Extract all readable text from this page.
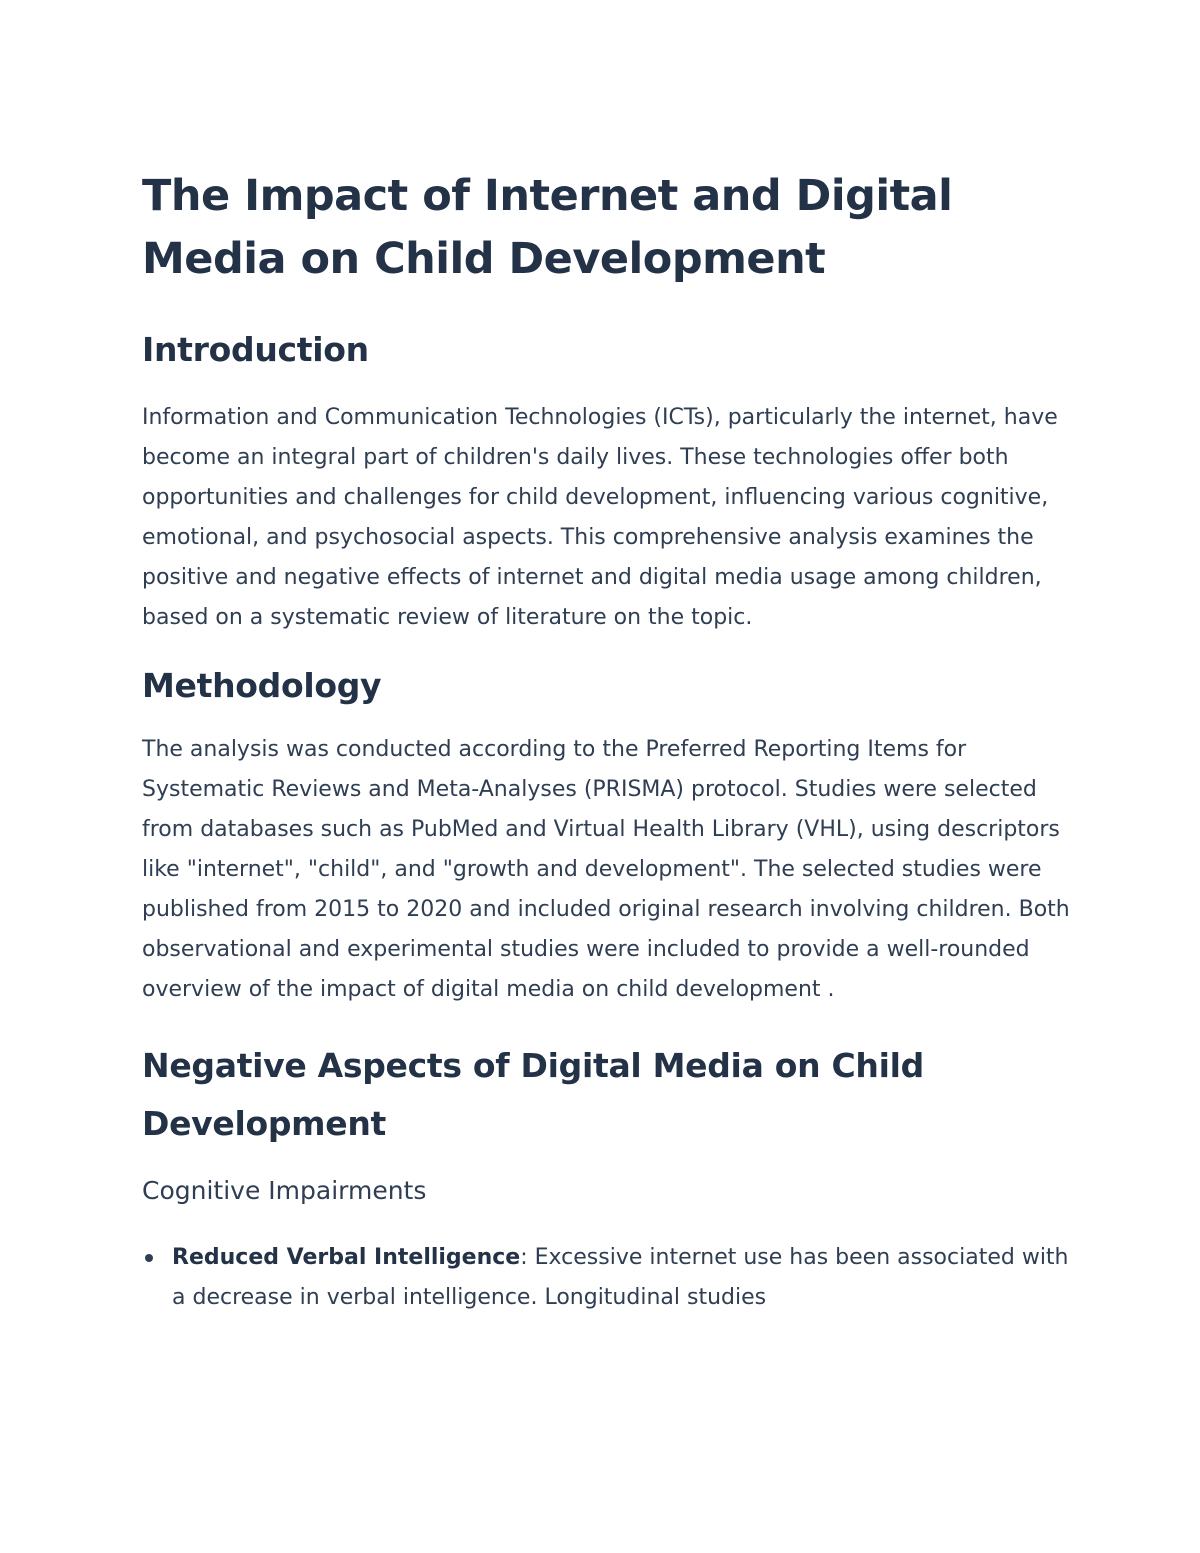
The Impact of Internet and Digital Media on Child Development
Introduction

Information and Communication Technologies (ICTs), particularly the internet, have become an integral part of children's daily lives. These technologies offer both opportunities and challenges for child development, influencing various cognitive, emotional, and psychosocial aspects. This comprehensive analysis examines the positive and negative effects of internet and digital media usage among children, based on a systematic review of literature on the topic.

Methodology

The analysis was conducted according to the Preferred Reporting Items for Systematic Reviews and Meta-Analyses (PRISMA) protocol. Studies were selected from databases such as PubMed and Virtual Health Library (VHL), using descriptors like "internet", "child", and "growth and development". The selected studies were published from 2015 to 2020 and included original research involving children. Both observational and experimental studies were included to provide a well-rounded overview of the impact of digital media on child development .

Negative Aspects of Digital Media on Child Development
Cognitive Impairments
Reduced Verbal Intelligence: Excessive internet use has been associated with a decrease in verbal intelligence. Longitudinal studies
